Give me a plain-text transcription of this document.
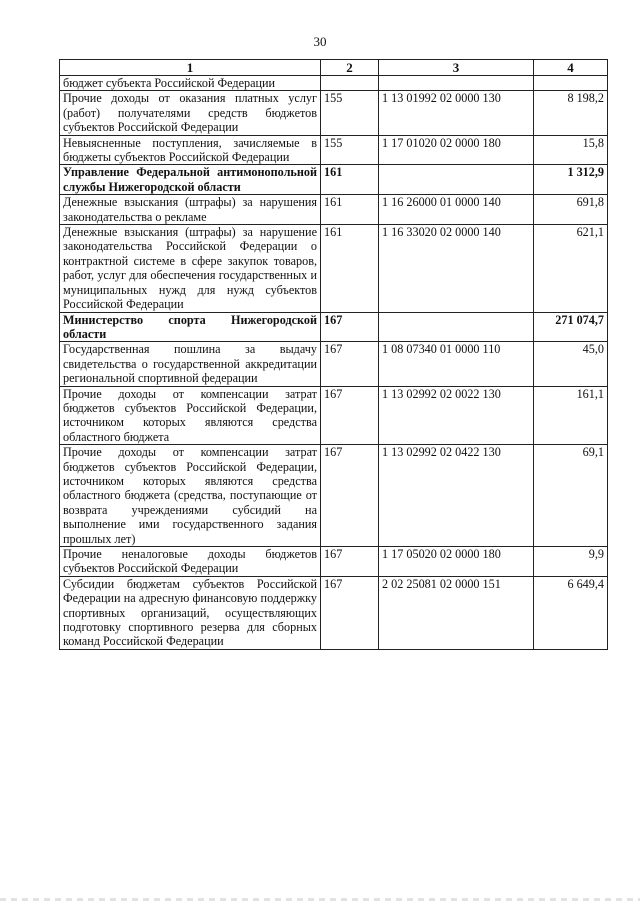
30
1	2	3	4
бюджет субъекта Российской Федерации			
Прочие доходы от оказания платных услуг (работ) получателями средств бюджетов субъектов Российской Федерации	155	1 13 01992 02 0000 130	8 198,2
Невыясненные поступления, зачисляемые в бюджеты субъектов Российской Федерации	155	1 17 01020 02 0000 180	15,8
Управление Федеральной антимонопольной службы Нижегородской области	161		1 312,9
Денежные взыскания (штрафы) за нарушения законодательства о рекламе	161	1 16 26000 01 0000 140	691,8
Денежные взыскания (штрафы) за нарушение законодательства Российской Федерации о контрактной системе в сфере закупок товаров, работ, услуг для обеспечения государственных и муниципальных нужд для нужд субъектов Российской Федерации	161	1 16 33020 02 0000 140	621,1
Министерство спорта Нижегородской области	167		271 074,7
Государственная пошлина за выдачу свидетельства о государственной аккредитации региональной спортивной федерации	167	1 08 07340 01 0000 110	45,0
Прочие доходы от компенсации затрат бюджетов субъектов Российской Федерации, источником которых являются средства областного бюджета	167	1 13 02992 02 0022 130	161,1
Прочие доходы от компенсации затрат бюджетов субъектов Российской Федерации, источником которых являются средства областного бюджета (средства, поступающие от возврата учреждениями субсидий на выполнение ими государственного задания прошлых лет)	167	1 13 02992 02 0422 130	69,1
Прочие неналоговые доходы бюджетов субъектов Российской Федерации	167	1 17 05020 02 0000 180	9,9
Субсидии бюджетам субъектов Российской Федерации на адресную финансовую поддержку спортивных организаций, осуществляющих подготовку спортивного резерва для сборных команд Российской Федерации	167	2 02 25081 02 0000 151	6 649,4
